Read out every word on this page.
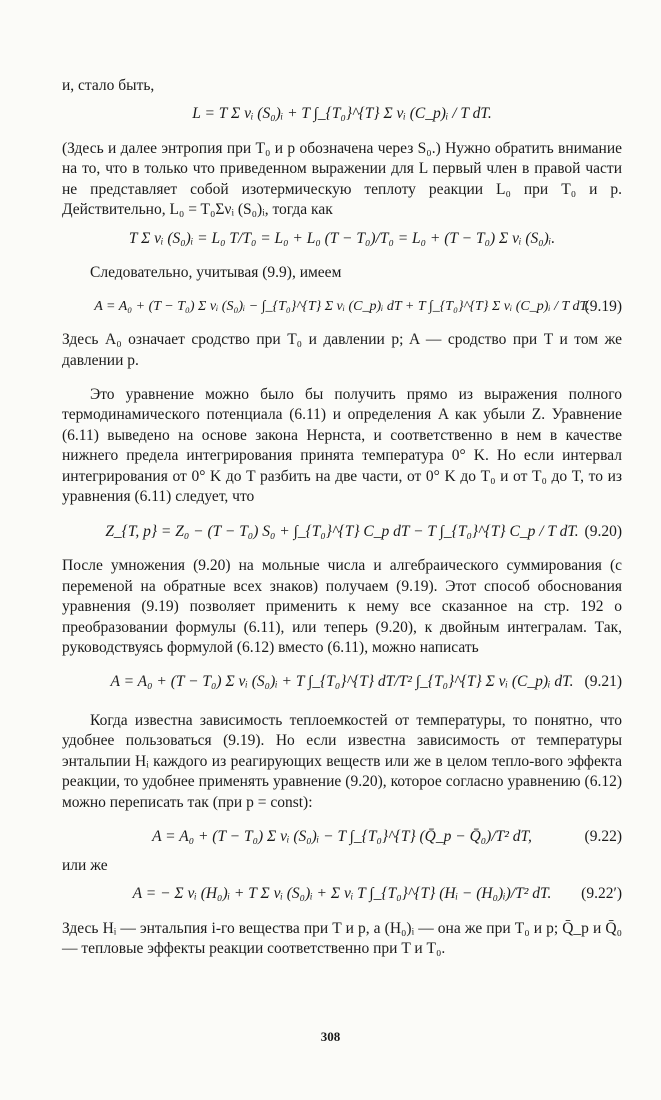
и, стало быть,

L = T Σ νᵢ (S₀)ᵢ + T ∫_{T₀}^{T} Σ νᵢ (C_p)ᵢ / T dT.

(Здесь и далее энтропия при T₀ и p обозначена через S₀.) Нужно обратить внимание на то, что в только что приведенном выражении для L первый член в правой части не представляет собой изотермическую теплоту реакции L₀ при T₀ и p. Действительно, L₀ = T₀Σνᵢ (S₀)ᵢ, тогда как

T Σ νᵢ (S₀)ᵢ = L₀ T/T₀ = L₀ + L₀ (T − T₀)/T₀ = L₀ + (T − T₀) Σ νᵢ (S₀)ᵢ.

Следовательно, учитывая (9.9), имеем

A = A₀ + (T − T₀) Σ νᵢ (S₀)ᵢ − ∫_{T₀}^{T} Σ νᵢ (C_p)ᵢ dT + T ∫_{T₀}^{T} Σ νᵢ (C_p)ᵢ / T dT.
(9.19)

Здесь A₀ означает сродство при T₀ и давлении p; A — сродство при T и том же давлении p.

Это уравнение можно было бы получить прямо из выражения полного термодинамического потенциала (6.11) и определения A как убыли Z. Уравнение (6.11) выведено на основе закона Нернста, и соответственно в нем в качестве нижнего предела интегрирования принята температура 0° K. Но если интервал интегрирования от 0° K до T разбить на две части, от 0° K до T₀ и от T₀ до T, то из уравнения (6.11) следует, что

Z_{T, p} = Z₀ − (T − T₀) S₀ + ∫_{T₀}^{T} C_p dT − T ∫_{T₀}^{T} C_p / T dT. (9.20)

После умножения (9.20) на мольные числа и алгебраического суммирования (с переменой на обратные всех знаков) получаем (9.19). Этот способ обоснования уравнения (9.19) позволяет применить к нему все сказанное на стр. 192 о преобразовании формулы (6.11), или теперь (9.20), к двойным интегралам. Так, руководствуясь формулой (6.12) вместо (6.11), можно написать

A = A₀ + (T − T₀) Σ νᵢ (S₀)ᵢ + T ∫_{T₀}^{T} dT/T² ∫_{T₀}^{T} Σ νᵢ (C_p)ᵢ dT. (9.21)

Когда известна зависимость теплоемкостей от температуры, то понятно, что удобнее пользоваться (9.19). Но если известна зависимость от температуры энтальпии Hᵢ каждого из реагирующих веществ или же в целом тепло-вого эффекта реакции, то удобнее применять уравнение (9.20), которое согласно уравнению (6.12) можно переписать так (при p = const):

A = A₀ + (T − T₀) Σ νᵢ (S₀)ᵢ − T ∫_{T₀}^{T} (Q̄_p − Q̄₀)/T² dT,	(9.22)

или же

A = − Σ νᵢ (H₀)ᵢ + T Σ νᵢ (S₀)ᵢ + Σ νᵢ T ∫_{T₀}^{T} (Hᵢ − (H₀)ᵢ)/T² dT. (9.22′)

Здесь Hᵢ — энтальпия i-го вещества при T и p, а (H₀)ᵢ — она же при T₀ и p; Q̄_p и Q̄₀ — тепловые эффекты реакции соответственно при T и T₀.

308
